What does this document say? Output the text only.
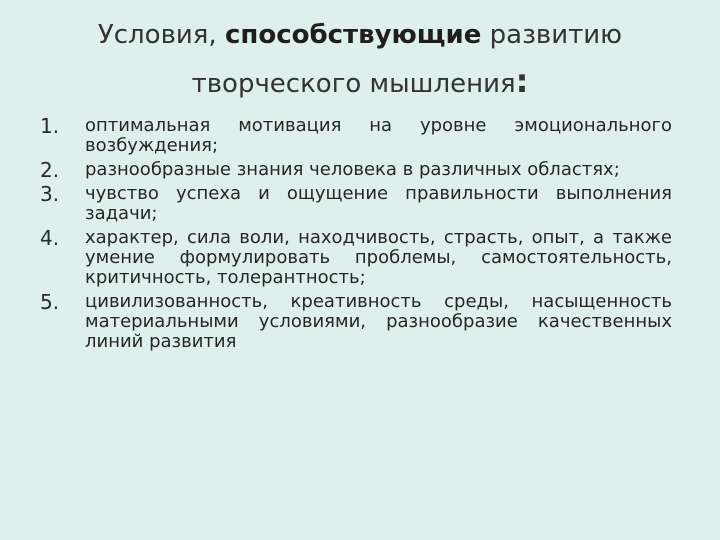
Условия, способствующие развитию
творческого мышления:
1.	оптимальная мотивация на уровне эмоционального возбуждения;
2.	разнообразные знания человека в различных областях;
3.	чувство успеха и ощущение правильности выполнения задачи;
4.	характер, сила воли, находчивость, страсть, опыт, а также умение формулировать проблемы, самостоятельность, критичность, толерантность;
5.	цивилизованность, креативность среды, насыщенность материальными условиями, разнообразие качественных линий развития
